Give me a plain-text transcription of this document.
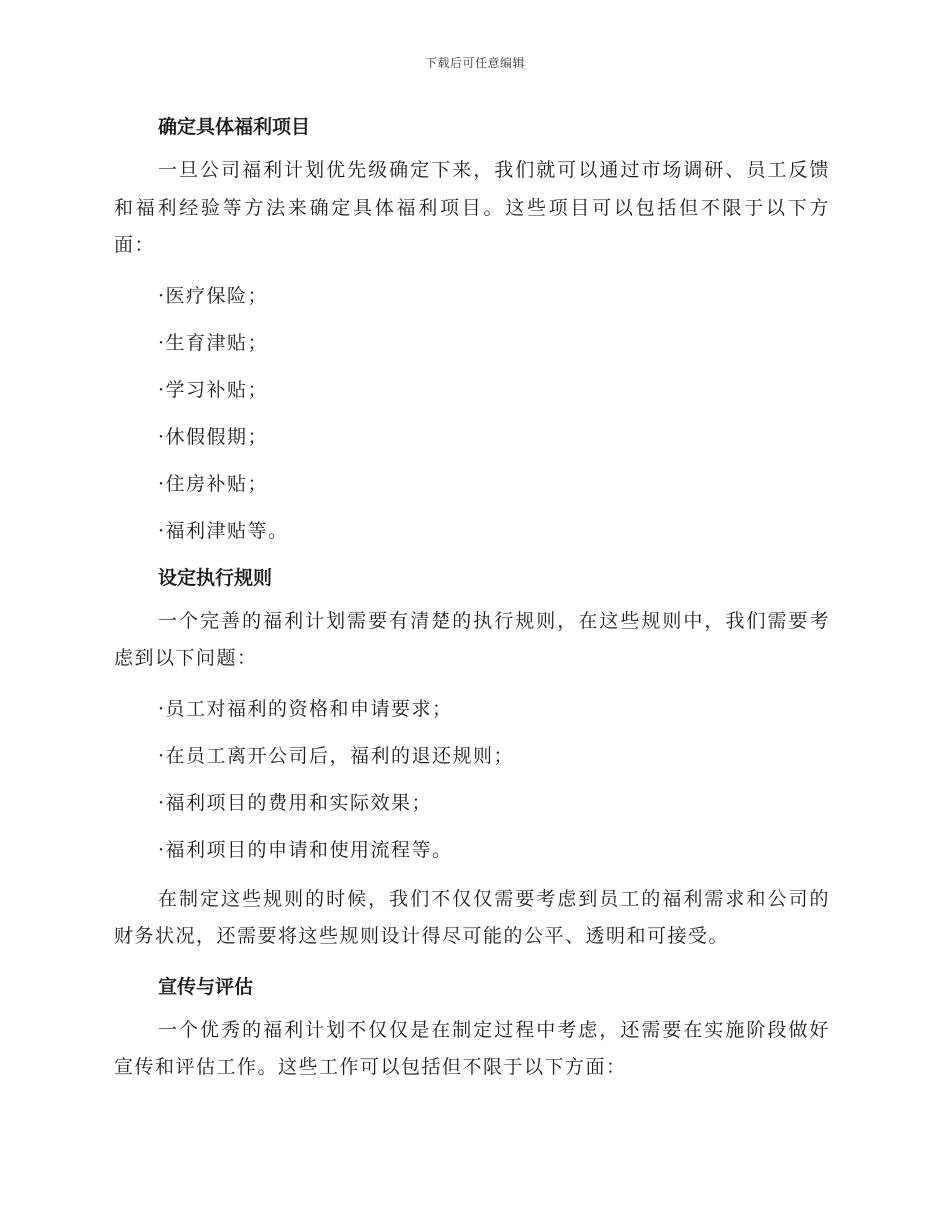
下载后可任意编辑
确定具体福利项目

一旦公司福利计划优先级确定下来，我们就可以通过市场调研、员工反馈和福利经验等方法来确定具体福利项目。这些项目可以包括但不限于以下方面：

·医疗保险；

·生育津贴；

·学习补贴；

·休假假期；

·住房补贴；

·福利津贴等。

设定执行规则

一个完善的福利计划需要有清楚的执行规则，在这些规则中，我们需要考虑到以下问题：

·员工对福利的资格和申请要求；

·在员工离开公司后，福利的退还规则；

·福利项目的费用和实际效果；

·福利项目的申请和使用流程等。

在制定这些规则的时候，我们不仅仅需要考虑到员工的福利需求和公司的财务状况，还需要将这些规则设计得尽可能的公平、透明和可接受。

宣传与评估

一个优秀的福利计划不仅仅是在制定过程中考虑，还需要在实施阶段做好宣传和评估工作。这些工作可以包括但不限于以下方面：
